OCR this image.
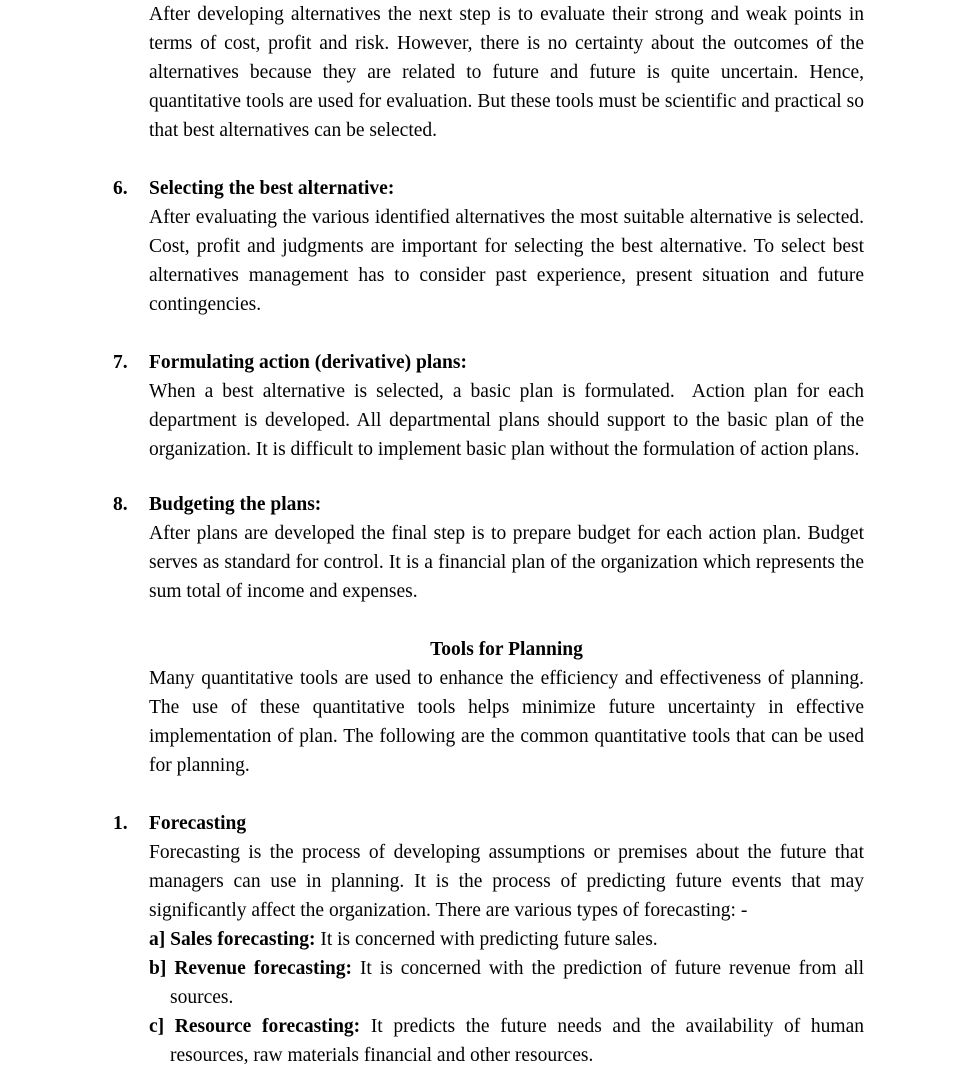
After developing alternatives the next step is to evaluate their strong and weak points in terms of cost, profit and risk. However, there is no certainty about the outcomes of the alternatives because they are related to future and future is quite uncertain. Hence, quantitative tools are used for evaluation. But these tools must be scientific and practical so that best alternatives can be selected.

6.	Selecting the best alternative:

After evaluating the various identified alternatives the most suitable alternative is selected. Cost, profit and judgments are important for selecting the best alternative. To select best alternatives management has to consider past experience, present situation and future contingencies.

7.	Formulating action (derivative) plans:

When a best alternative is selected, a basic plan is formulated.  Action plan for each department is developed. All departmental plans should support to the basic plan of the organization. It is difficult to implement basic plan without the formulation of action plans.

8.	Budgeting the plans:

After plans are developed the final step is to prepare budget for each action plan. Budget serves as standard for control. It is a financial plan of the organization which represents the sum total of income and expenses.

Tools for Planning

Many quantitative tools are used to enhance the efficiency and effectiveness of planning. The use of these quantitative tools helps minimize future uncertainty in effective implementation of plan. The following are the common quantitative tools that can be used for planning.

1.	Forecasting

Forecasting is the process of developing assumptions or premises about the future that managers can use in planning. It is the process of predicting future events that may significantly affect the organization. There are various types of forecasting: -

a] Sales forecasting: It is concerned with predicting future sales.
b] Revenue forecasting: It is concerned with the prediction of future revenue from all sources.
c] Resource forecasting: It predicts the future needs and the availability of human resources, raw materials financial and other resources.
